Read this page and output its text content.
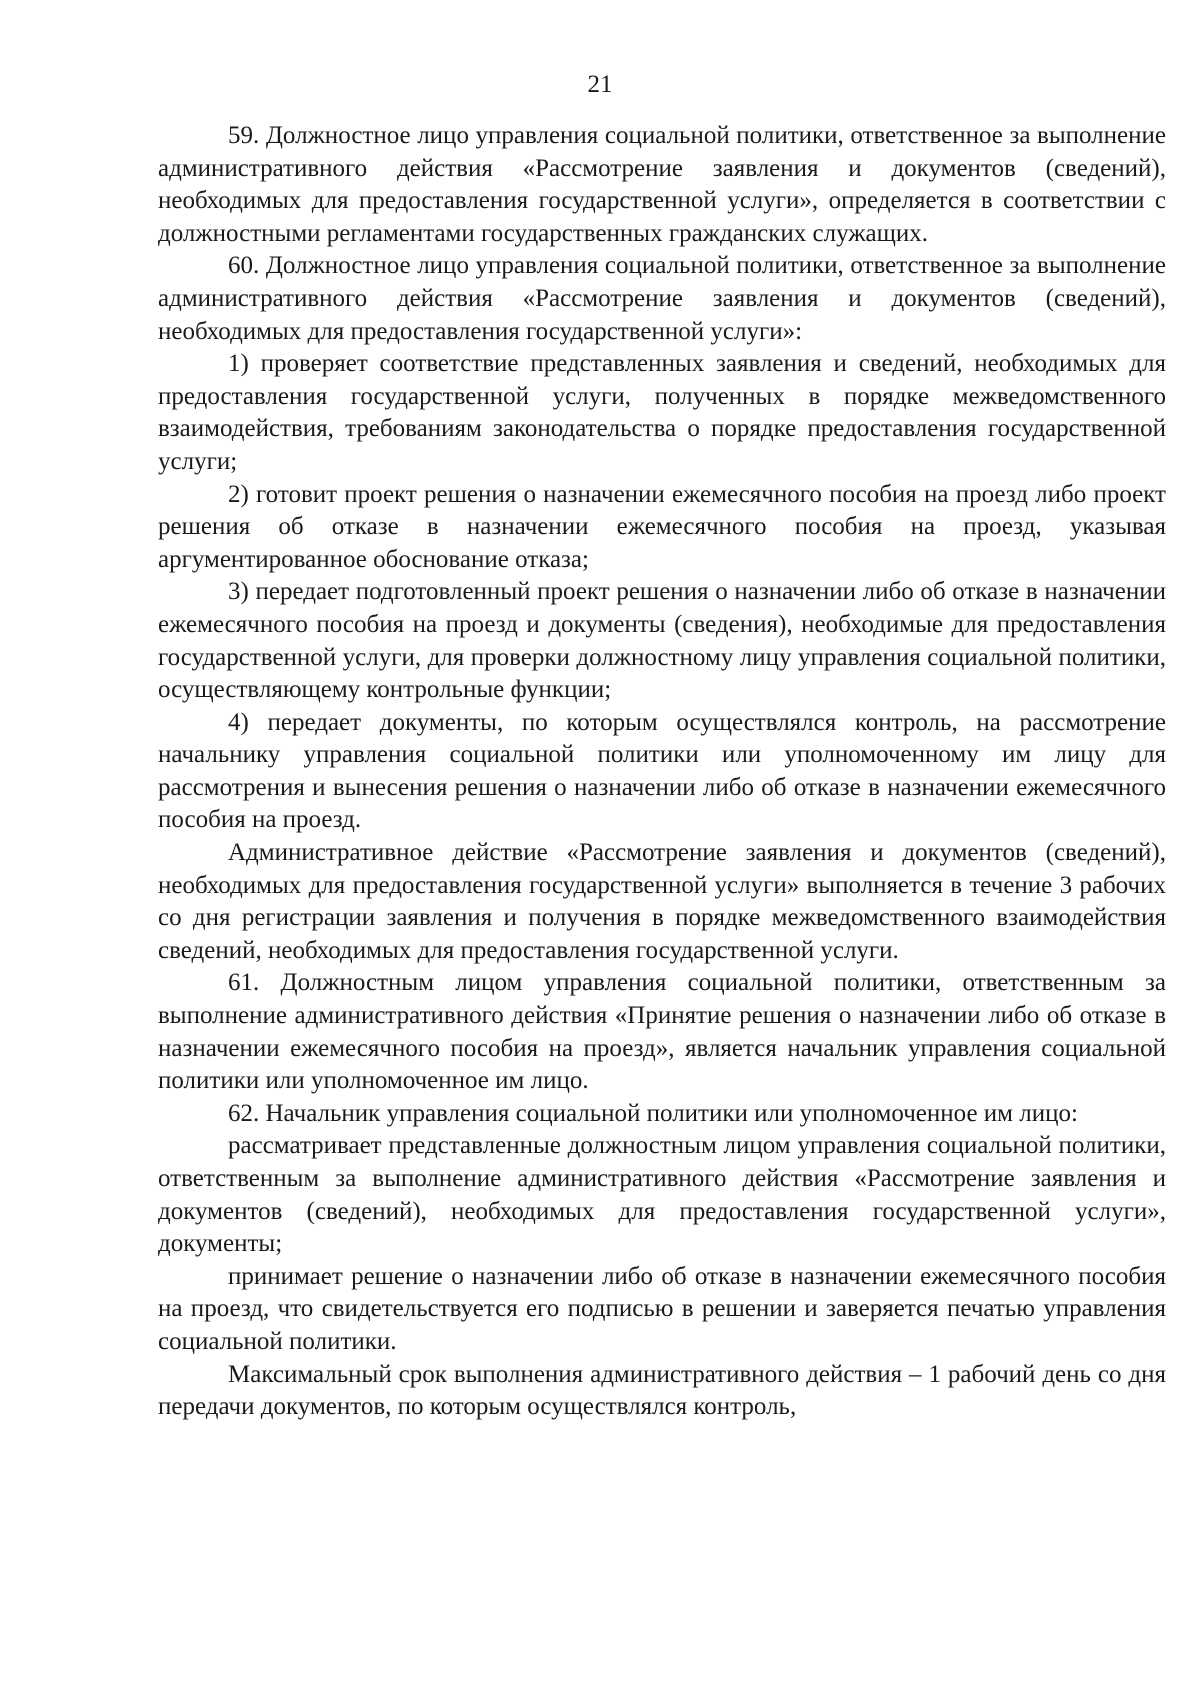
21

59. Должностное лицо управления социальной политики, ответственное за выполнение административного действия «Рассмотрение заявления и документов (сведений), необходимых для предоставления государственной услуги», определяется в соответствии с должностными регламентами государственных гражданских служащих.

60. Должностное лицо управления социальной политики, ответственное за выполнение административного действия «Рассмотрение заявления и документов (сведений), необходимых для предоставления государственной услуги»:

1) проверяет соответствие представленных заявления и сведений, необходимых для предоставления государственной услуги, полученных в порядке межведомственного взаимодействия, требованиям законодательства о порядке предоставления государственной услуги;

2) готовит проект решения о назначении ежемесячного пособия на проезд либо проект решения об отказе в назначении ежемесячного пособия на проезд, указывая аргументированное обоснование отказа;

3) передает подготовленный проект решения о назначении либо об отказе в назначении ежемесячного пособия на проезд и документы (сведения), необходимые для предоставления государственной услуги, для проверки должностному лицу управления социальной политики, осуществляющему контрольные функции;

4) передает документы, по которым осуществлялся контроль, на рассмотрение начальнику управления социальной политики или уполномоченному им лицу для рассмотрения и вынесения решения о назначении либо об отказе в назначении ежемесячного пособия на проезд.

Административное действие «Рассмотрение заявления и документов (сведений), необходимых для предоставления государственной услуги» выполняется в течение 3 рабочих со дня регистрации заявления и получения в порядке межведомственного взаимодействия сведений, необходимых для предоставления государственной услуги.

61. Должностным лицом управления социальной политики, ответственным за выполнение административного действия «Принятие решения о назначении либо об отказе в назначении ежемесячного пособия на проезд», является начальник управления социальной политики или уполномоченное им лицо.

62. Начальник управления социальной политики или уполномоченное им лицо:

рассматривает представленные должностным лицом управления социальной политики, ответственным за выполнение административного действия «Рассмотрение заявления и документов (сведений), необходимых для предоставления государственной услуги», документы;

принимает решение о назначении либо об отказе в назначении ежемесячного пособия на проезд, что свидетельствуется его подписью в решении и заверяется печатью управления социальной политики.

Максимальный срок выполнения административного действия – 1 рабочий день со дня передачи документов, по которым осуществлялся контроль,
